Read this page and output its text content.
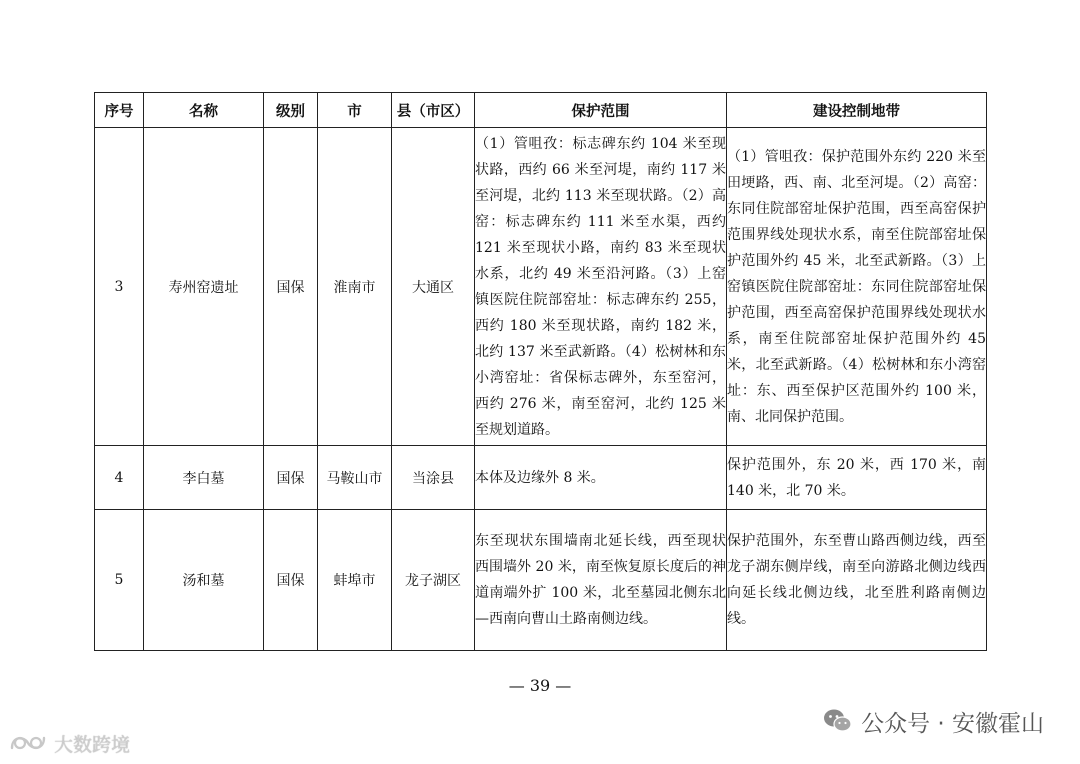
序号	名称	级别	市	县（市区）	保护范围	建设控制地带
3	寿州窑遗址	国保	淮南市	大通区	（1）管咀孜：标志碑东约 104 米至现状路，西约 66 米至河堤，南约 117 米至河堤，北约 113 米至现状路。（2）高窑：标志碑东约 111 米至水渠，西约 121 米至现状小路，南约 83 米至现状水系，北约 49 米至沿河路。（3）上窑镇医院住院部窑址：标志碑东约 255，西约 180 米至现状路，南约 182 米，北约 137 米至武新路。（4）松树林和东小湾窑址：省保标志碑外，东至窑河，西约 276 米，南至窑河，北约 125 米至规划道路。	（1）管咀孜：保护范围外东约 220 米至田埂路，西、南、北至河堤。（2）高窑：东同住院部窑址保护范围，西至高窑保护范围界线处现状水系，南至住院部窑址保护范围外约 45 米，北至武新路。（3）上窑镇医院住院部窑址：东同住院部窑址保护范围，西至高窑保护范围界线处现状水系，南至住院部窑址保护范围外约 45 米，北至武新路。（4）松树林和东小湾窑址：东、西至保护区范围外约 100 米，南、北同保护范围。
4	李白墓	国保	马鞍山市	当涂县	本体及边缘外 8 米。	保护范围外，东 20 米，西 170 米，南 140 米，北 70 米。
5	汤和墓	国保	蚌埠市	龙子湖区	东至现状东围墙南北延长线，西至现状西围墙外 20 米，南至恢复原长度后的神道南端外扩 100 米，北至墓园北侧东北—西南向曹山土路南侧边线。	保护范围外，东至曹山路西侧边线，西至龙子湖东侧岸线，南至向游路北侧边线西向延长线北侧边线，北至胜利路南侧边线。
— 39 —
公众号 · 安徽霍山
大数跨境
